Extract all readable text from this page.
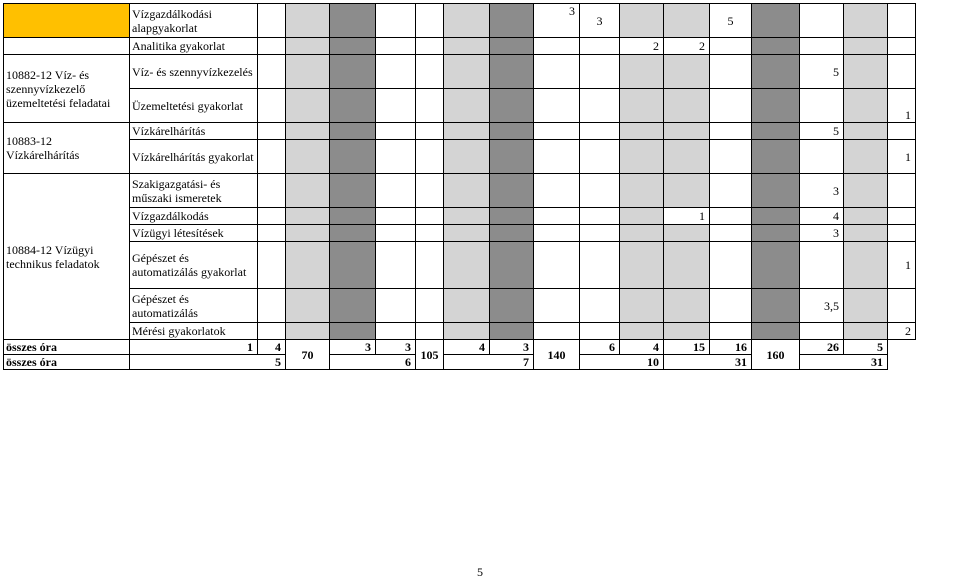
	Vízgazdálkodási alapgyakorlat								3	3			5				
	Analitika gyakorlat										2	2					
10882-12 Víz- és szennyvízkezelő üzemeltetési feladatai	Víz- és szennyvízkezelés														5		
	Üzemeltetési gyakorlat																1
10883-12 Vízkárelhárítás	Vízkárelhárítás														5		
	Vízkárelhárítás gyakorlat																1
10884-12 Vízügyi technikus feladatok	Szakigazgatási- és műszaki ismeretek														3		
	Vízgazdálkodás											1			4		
	Vízügyi létesítések														3		
	Gépészet és automatizálás gyakorlat																1
	Gépészet és automatizálás														3,5		
	Mérési gyakorlatok																2
összes óra	1	4	70	3	3	105	4	3	140	6	4	15	16	160	26	5	
összes óra	5			6			7			10		31			31		
5
